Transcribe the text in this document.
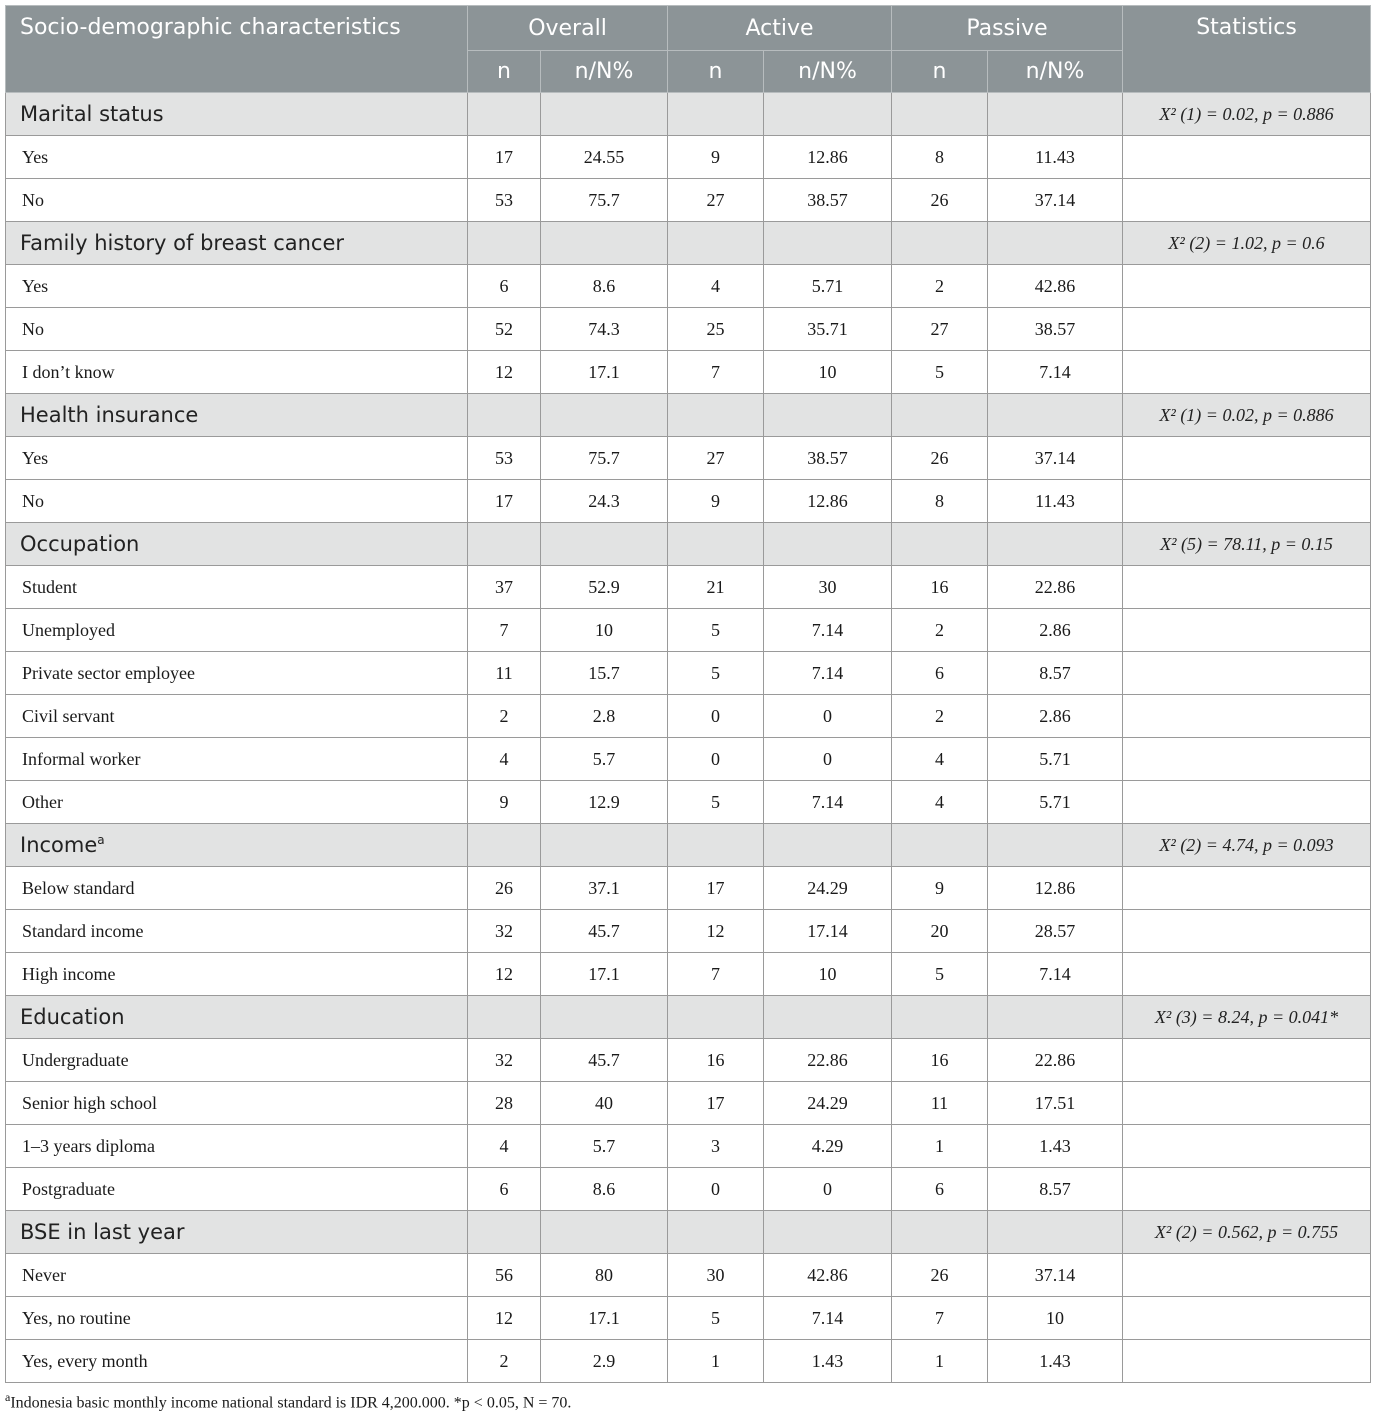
Socio-demographic characteristics	Overall		Active		Passive		Statistics
	n	n/N%	n	n/N%	n	n/N%	
Marital status							X² (1) = 0.02, p = 0.886
Yes	17	24.55	9	12.86	8	11.43	
No	53	75.7	27	38.57	26	37.14	
Family history of breast cancer							X² (2) = 1.02, p = 0.6
Yes	6	8.6	4	5.71	2	42.86	
No	52	74.3	25	35.71	27	38.57	
I don’t know	12	17.1	7	10	5	7.14	
Health insurance							X² (1) = 0.02, p = 0.886
Yes	53	75.7	27	38.57	26	37.14	
No	17	24.3	9	12.86	8	11.43	
Occupation							X² (5) = 78.11, p = 0.15
Student	37	52.9	21	30	16	22.86	
Unemployed	7	10	5	7.14	2	2.86	
Private sector employee	11	15.7	5	7.14	6	8.57	
Civil servant	2	2.8	0	0	2	2.86	
Informal worker	4	5.7	0	0	4	5.71	
Other	9	12.9	5	7.14	4	5.71	
Income$^a$							X² (2) = 4.74, p = 0.093
Below standard	26	37.1	17	24.29	9	12.86	
Standard income	32	45.7	12	17.14	20	28.57	
High income	12	17.1	7	10	5	7.14	
Education							X² (3) = 8.24, p = 0.041*
Undergraduate	32	45.7	16	22.86	16	22.86	
Senior high school	28	40	17	24.29	11	17.51	
1–3 years diploma	4	5.7	3	4.29	1	1.43	
Postgraduate	6	8.6	0	0	6	8.57	
BSE in last year							X² (2) = 0.562, p = 0.755
Never	56	80	30	42.86	26	37.14	
Yes, no routine	12	17.1	5	7.14	7	10	
Yes, every month	2	2.9	1	1.43	1	1.43	
$^a$Indonesia basic monthly income national standard is IDR 4,200.000. *p < 0.05, N = 70.
